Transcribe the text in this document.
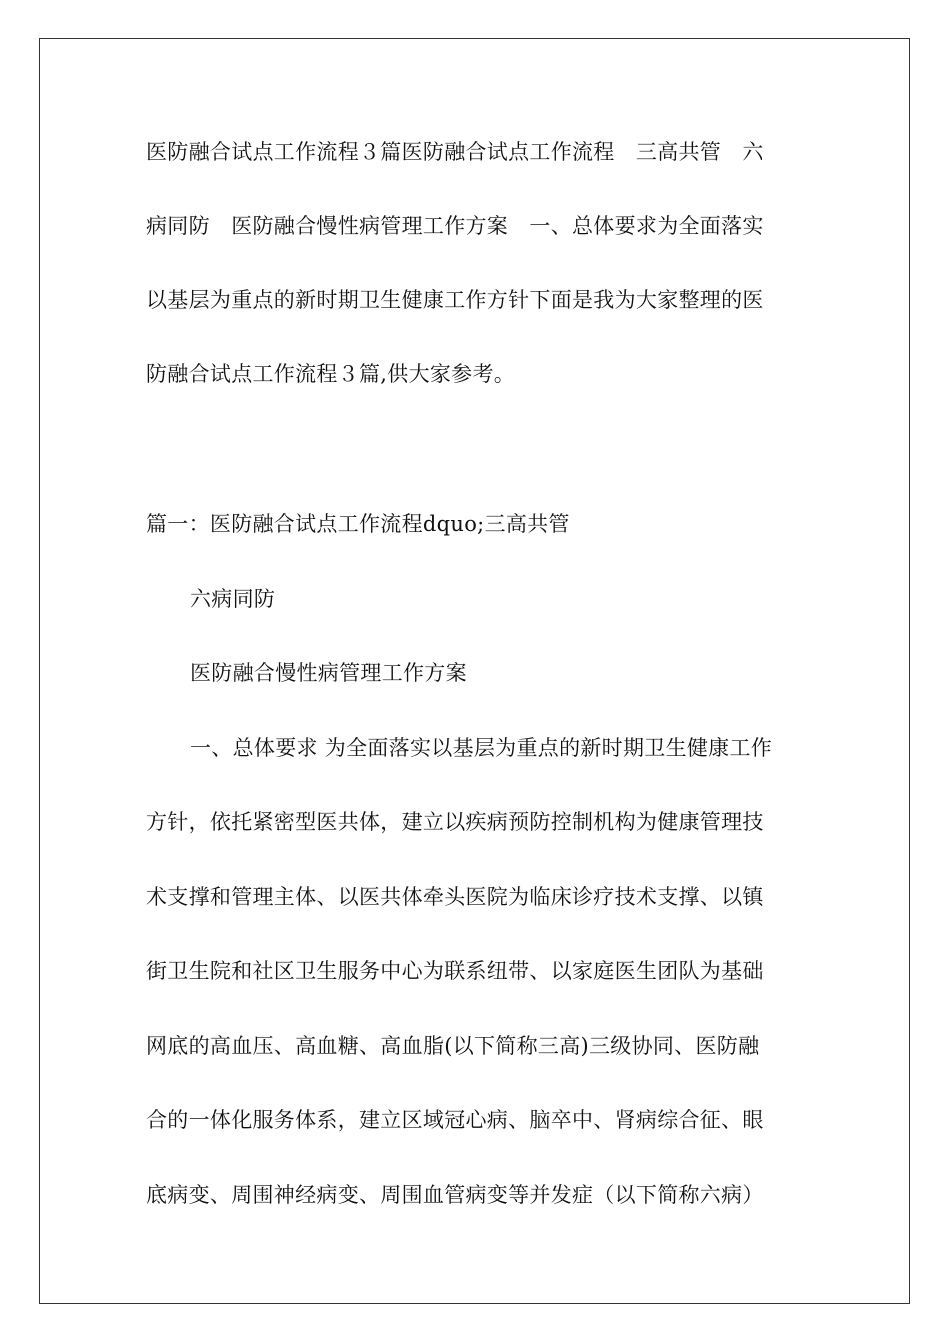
医防融合试点工作流程３篇医防融合试点工作流程　三高共管　六
病同防　医防融合慢性病管理工作方案　一、总体要求为全面落实
以基层为重点的新时期卫生健康工作方针下面是我为大家整理的医
防融合试点工作流程３篇,供大家参考。
篇一：医防融合试点工作流程dquo;三高共管
六病同防
医防融合慢性病管理工作方案
一、总体要求 为全面落实以基层为重点的新时期卫生健康工作
方针，依托紧密型医共体，建立以疾病预防控制机构为健康管理技
术支撑和管理主体、以医共体牵头医院为临床诊疗技术支撑、以镇
街卫生院和社区卫生服务中心为联系纽带、以家庭医生团队为基础
网底的高血压、高血糖、高血脂(以下简称三高)三级协同、医防融
合的一体化服务体系，建立区域冠心病、脑卒中、肾病综合征、眼
底病变、周围神经病变、周围血管病变等并发症（以下简称六病）
